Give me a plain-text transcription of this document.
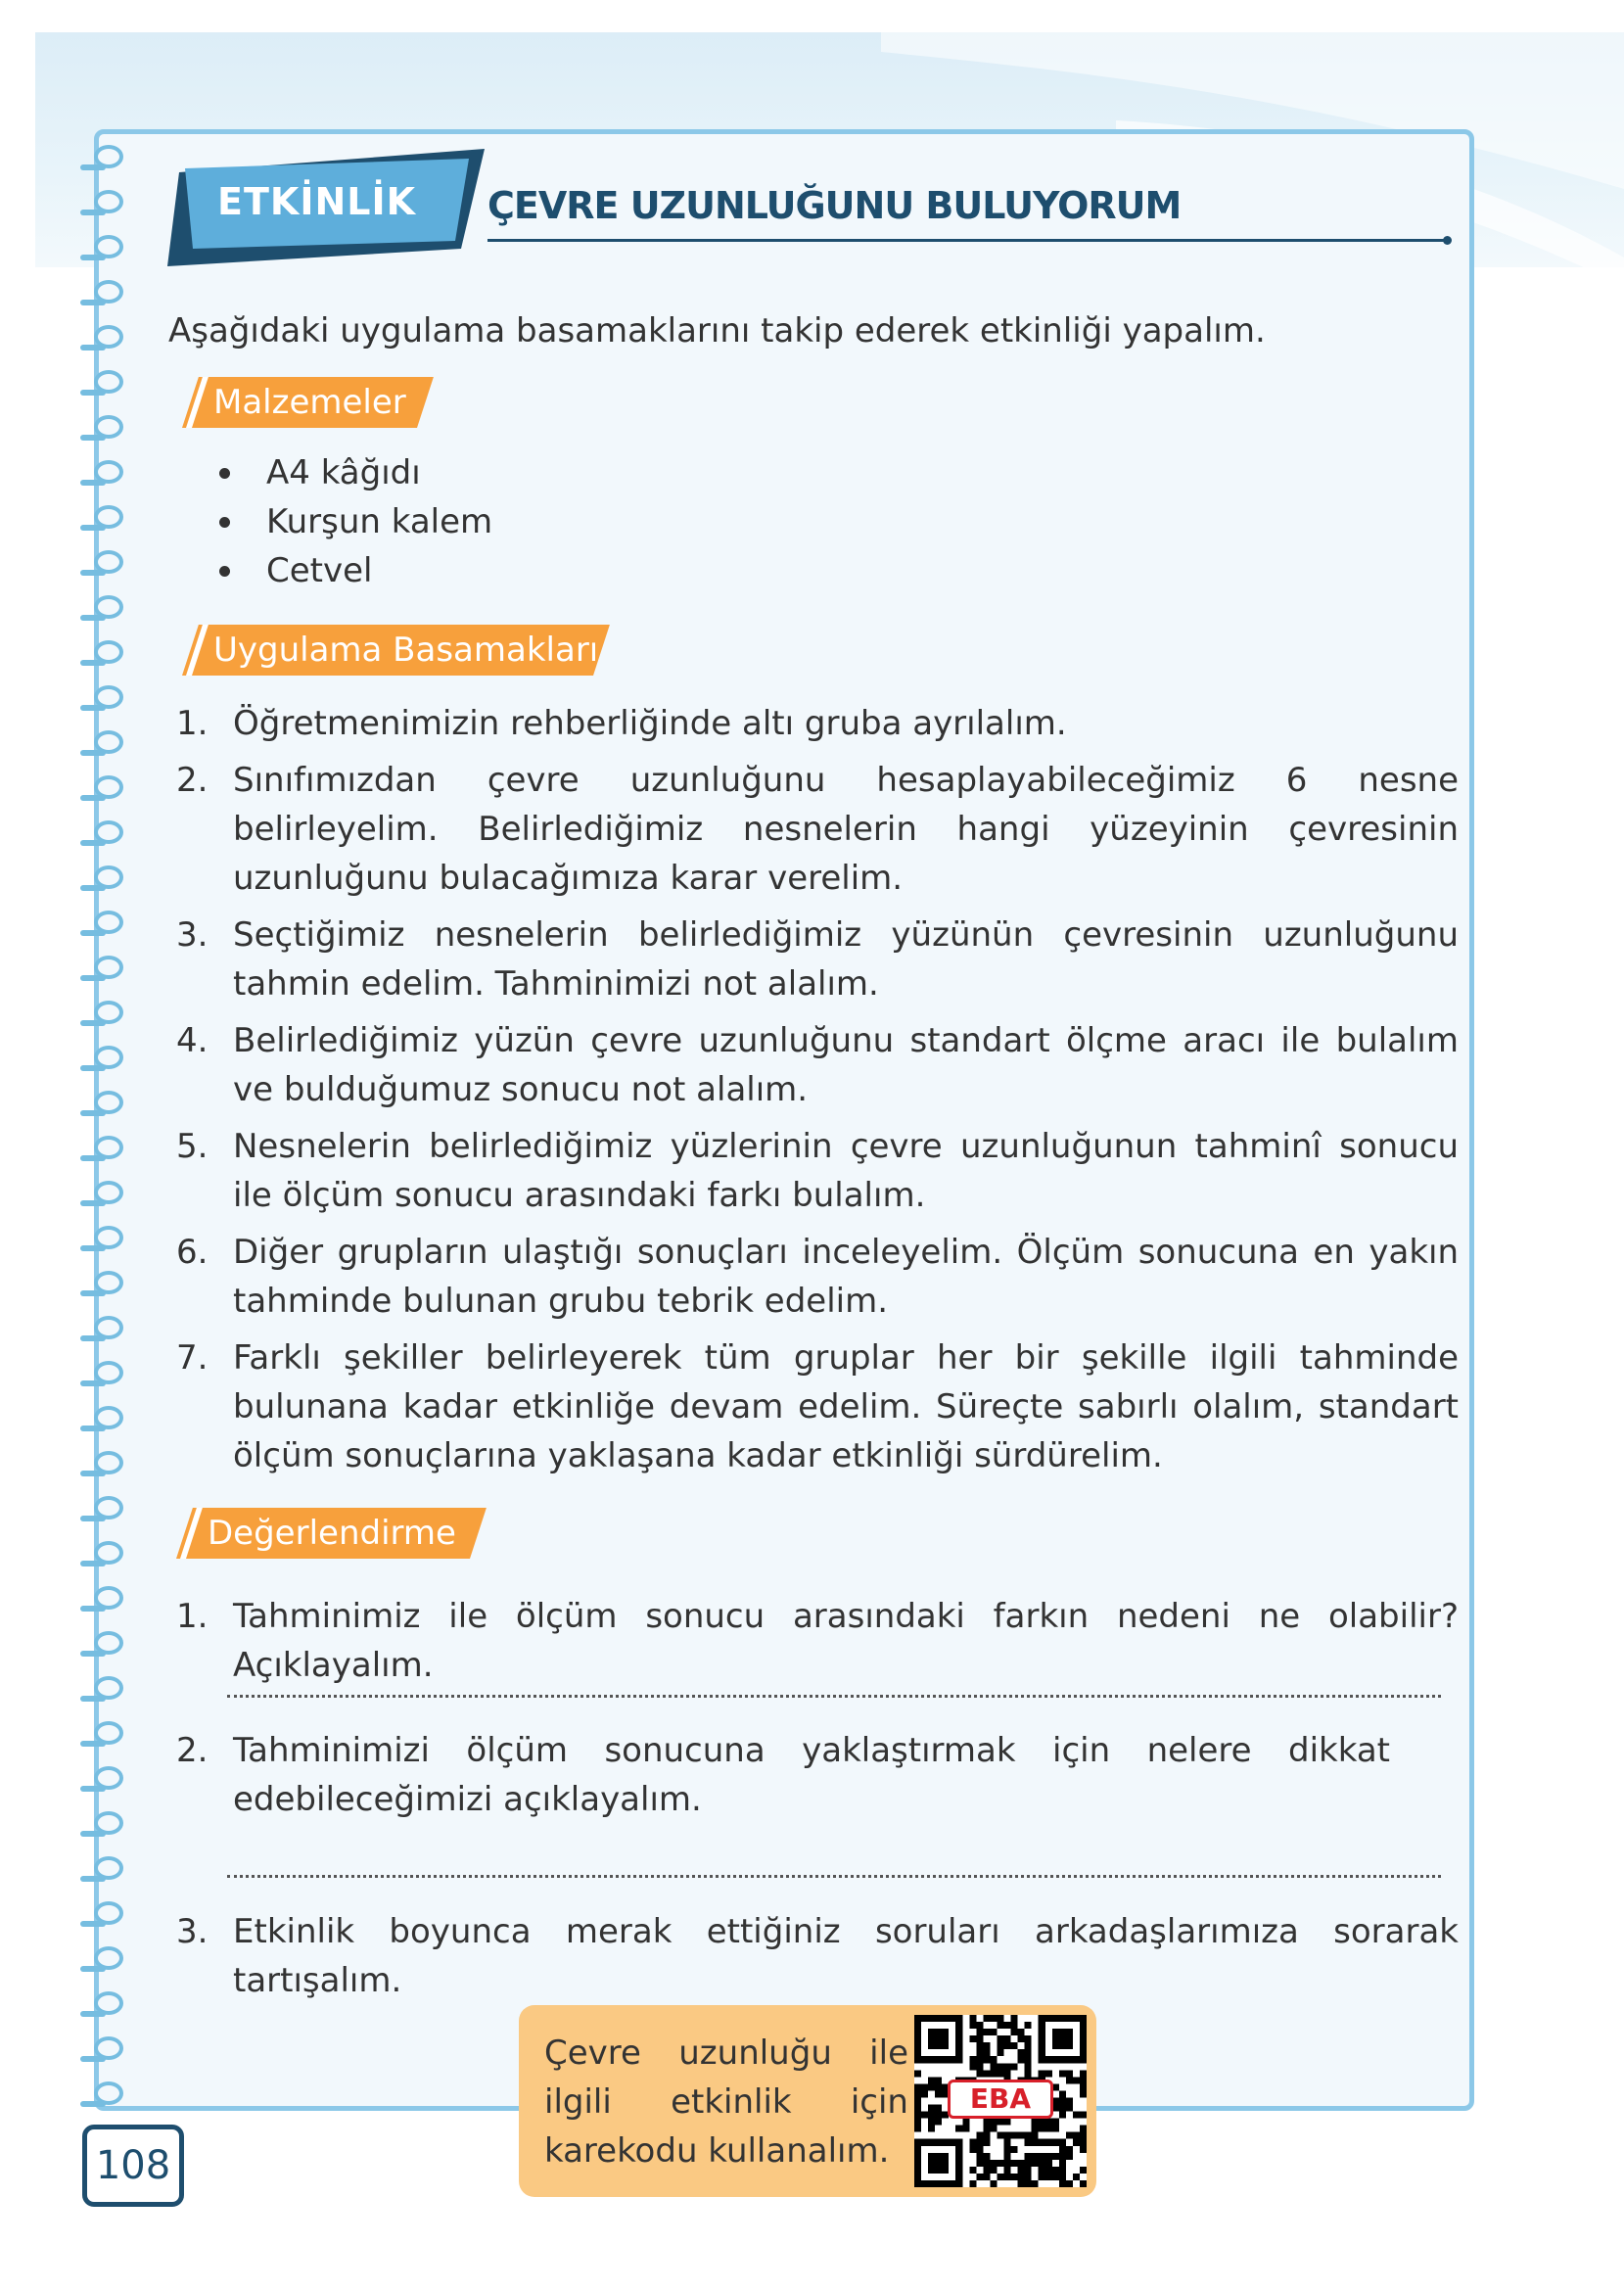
ETKİNLİK	ÇEVRE UZUNLUĞUNU BULUYORUM
Aşağıdaki uygulama basamaklarını takip ederek etkinliği yapalım.
Malzemeler
A4 kâğıdı
Kurşun kalem
Cetvel
Uygulama Basamakları
1. Öğretmenimizin rehberliğinde altı gruba ayrılalım.
2. Sınıfımızdan çevre uzunluğunu hesaplayabileceğimiz 6 nesne belirleyelim. Belirlediğimiz nesnelerin hangi yüzeyinin çevresinin uzunluğunu bulacağımıza karar verelim.
3. Seçtiğimiz nesnelerin belirlediğimiz yüzünün çevresinin uzunluğunu tahmin edelim. Tahminimizi not alalım.
4. Belirlediğimiz yüzün çevre uzunluğunu standart ölçme aracı ile bulalım ve bulduğumuz sonucu not alalım.
5. Nesnelerin belirlediğimiz yüzlerinin çevre uzunluğunun tahminî sonucu ile ölçüm sonucu arasındaki farkı bulalım.
6. Diğer grupların ulaştığı sonuçları inceleyelim. Ölçüm sonucuna en yakın tahminde bulunan grubu tebrik edelim.
7. Farklı şekiller belirleyerek tüm gruplar her bir şekille ilgili tahminde bulunana kadar etkinliğe devam edelim. Süreçte sabırlı olalım, standart ölçüm sonuçlarına yaklaşana kadar etkinliği sürdürelim.
Değerlendirme
1. Tahminimiz ile ölçüm sonucu arasındaki farkın nedeni ne olabilir? Açıklayalım.
2. Tahminimizi ölçüm sonucuna yaklaştırmak için nelere dikkat edebileceğimizi açıklayalım.
3. Etkinlik boyunca merak ettiğiniz soruları arkadaşlarımıza sorarak tartışalım.
Çevre uzunluğu ile ilgili etkinlik için karekodu kullanalım.
EBA
108
